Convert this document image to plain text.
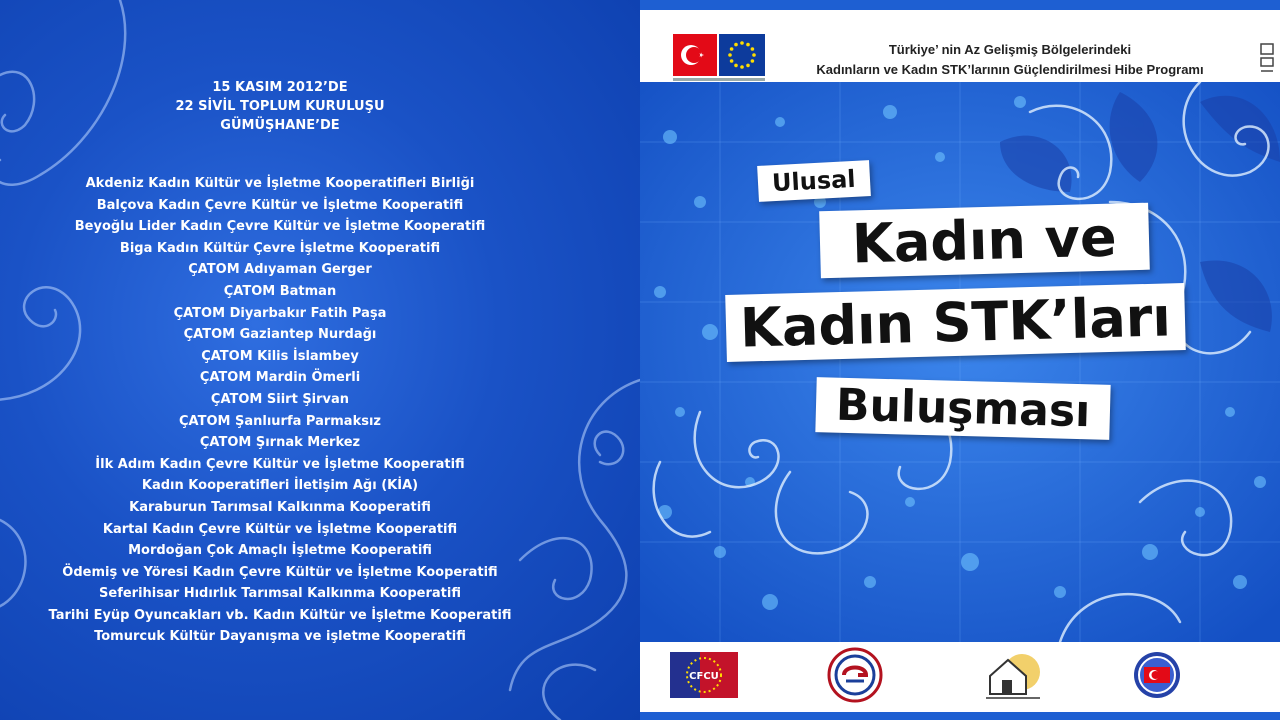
15 KASIM 2012’DE
22 SİVİL TOPLUM KURULUŞU
GÜMÜŞHANE’DE
Akdeniz Kadın Kültür ve İşletme Kooperatifleri Birliği
Balçova Kadın Çevre Kültür ve İşletme Kooperatifi
Beyoğlu Lider Kadın Çevre Kültür ve İşletme Kooperatifi
Biga Kadın Kültür Çevre İşletme Kooperatifi
ÇATOM Adıyaman Gerger
ÇATOM Batman
ÇATOM Diyarbakır Fatih Paşa
ÇATOM Gaziantep Nurdağı
ÇATOM Kilis İslambey
ÇATOM Mardin Ömerli
ÇATOM Siirt Şirvan
ÇATOM Şanlıurfa Parmaksız
ÇATOM Şırnak Merkez
İlk Adım Kadın Çevre Kültür ve İşletme Kooperatifi
Kadın Kooperatifleri İletişim Ağı (KİA)
Karaburun Tarımsal Kalkınma Kooperatifi
Kartal Kadın Çevre Kültür ve İşletme Kooperatifi
Mordoğan Çok Amaçlı İşletme Kooperatifi
Ödemiş ve Yöresi Kadın Çevre Kültür ve İşletme Kooperatifi
Seferihisar Hıdırlık Tarımsal Kalkınma Kooperatifi
Tarihi Eyüp Oyuncakları vb. Kadın Kültür ve İşletme Kooperatifi
Tomurcuk Kültür Dayanışma ve işletme Kooperatifi
Türkiye’ nin Az Gelişmiş Bölgelerindeki
Kadınların ve Kadın STK’larının Güçlendirilmesi Hibe Programı
Ulusal
Kadın ve
Kadın STK’ları
Buluşması
CFCU
